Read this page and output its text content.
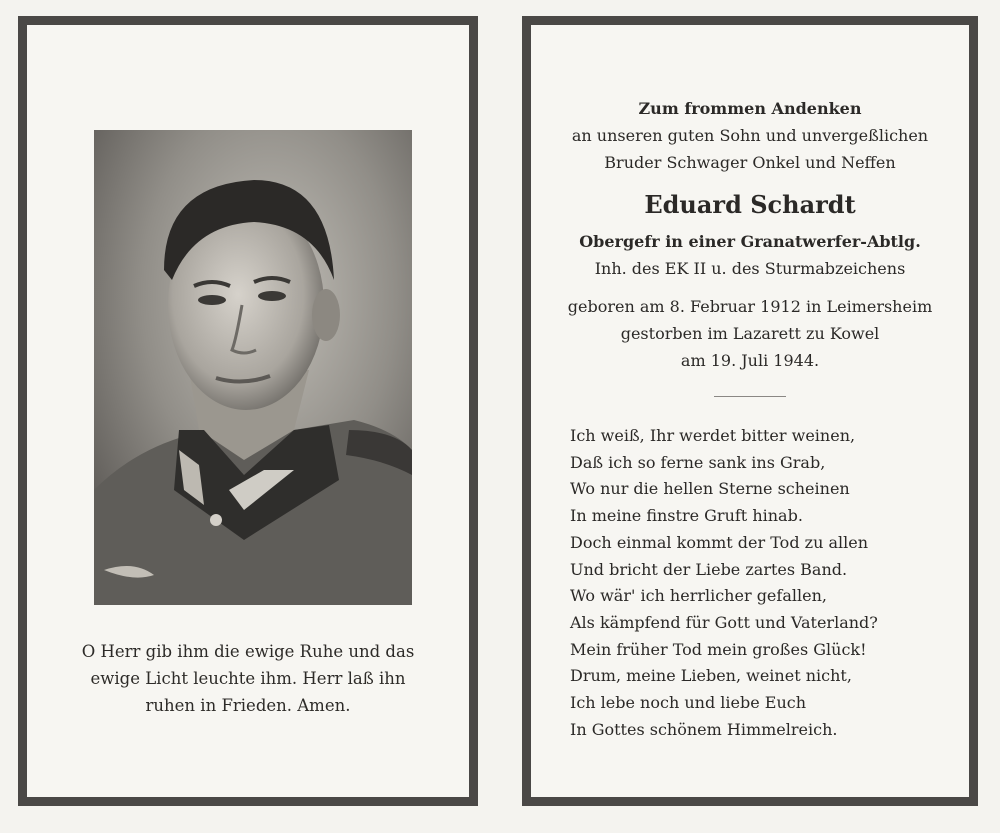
O Herr gib ihm die ewige Ruhe und das

ewige Licht leuchte ihm. Herr laß ihn

ruhen in Frieden. Amen.

Zum frommen Andenken
an unseren guten Sohn und unvergeßlichen
Bruder Schwager Onkel und Neffen
Eduard Schardt
Obergefr in einer Granatwerfer-Abtlg.
Inh. des EK II u. des Sturmabzeichens
geboren am 8. Februar 1912 in Leimersheim
gestorben im Lazarett zu Kowel
am 19. Juli 1944.
Ich weiß, Ihr werdet bitter weinen,
Daß ich so ferne sank ins Grab,
Wo nur die hellen Sterne scheinen
In meine finstre Gruft hinab.
Doch einmal kommt der Tod zu allen
Und bricht der Liebe zartes Band.
Wo wär' ich herrlicher gefallen,
Als kämpfend für Gott und Vaterland?
Mein früher Tod mein großes Glück!
Drum, meine Lieben, weinet nicht,
Ich lebe noch und liebe Euch
In Gottes schönem Himmelreich.
